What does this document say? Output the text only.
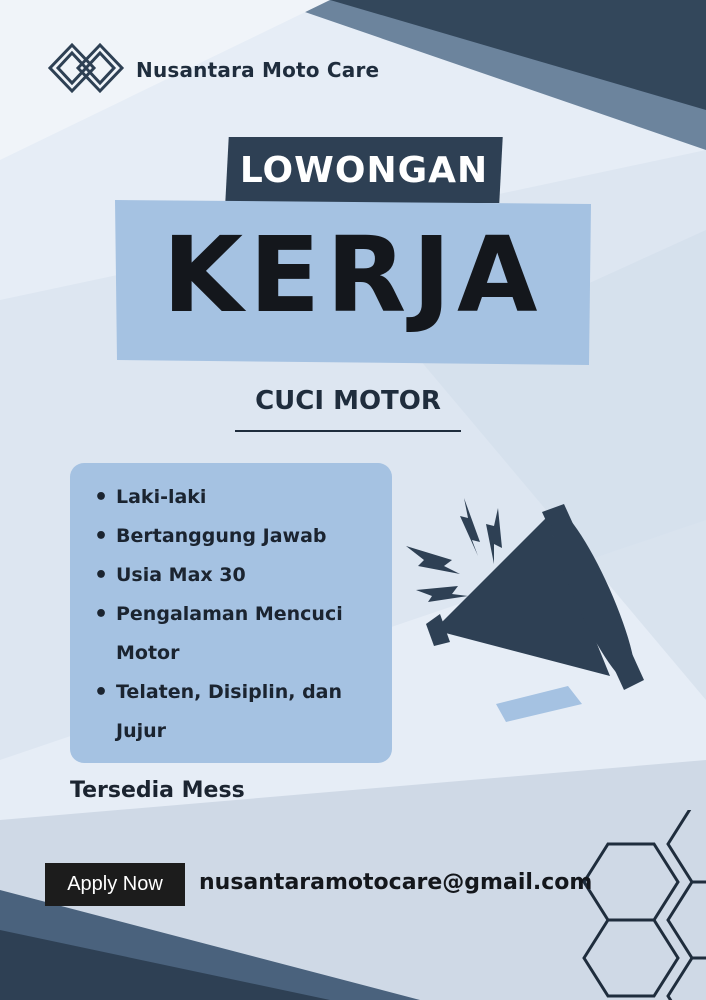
Nusantara Moto Care
LOWONGAN
KERJA
CUCI MOTOR
• Laki-laki
• Bertanggung Jawab
• Usia Max 30
• Pengalaman Mencuci Motor
• Telaten, Disiplin, dan Jujur
Tersedia Mess
Apply Now	nusantaramotocare@gmail.com
